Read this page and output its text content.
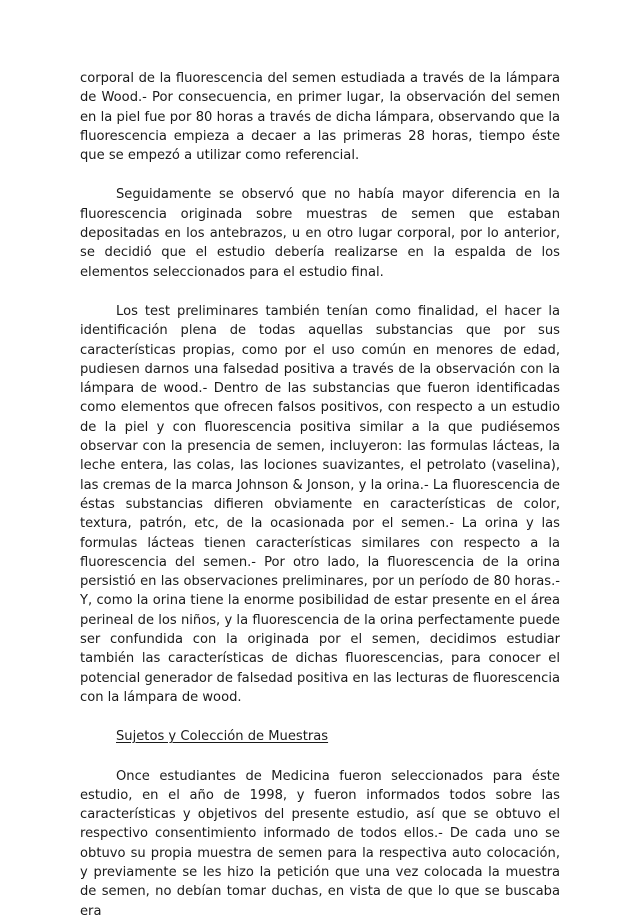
corporal de la fluorescencia del semen estudiada a través de la lámpara de Wood.- Por consecuencia, en primer lugar, la observación del semen en la piel fue por 80 horas a través de dicha lámpara, observando que la fluorescencia empieza a decaer a las primeras 28 horas, tiempo éste que se empezó a utilizar como referencial.

Seguidamente se observó que no había mayor diferencia en la fluorescencia originada sobre muestras de semen que estaban depositadas en los antebrazos, u en otro lugar corporal, por lo anterior, se decidió que el estudio debería realizarse en la espalda de los elementos seleccionados para el estudio final.

Los test preliminares también tenían como finalidad, el hacer la identificación plena de todas aquellas substancias que por sus características propias, como por el uso común en menores de edad, pudiesen darnos una falsedad positiva a través de la observación con la lámpara de wood.- Dentro de las substancias que fueron identificadas como elementos que ofrecen falsos positivos, con respecto a un estudio de la piel y con fluorescencia positiva similar a la que pudiésemos observar con la presencia de semen, incluyeron: las formulas lácteas, la leche entera, las colas, las lociones suavizantes, el petrolato (vaselina), las cremas de la marca Johnson & Jonson, y la orina.- La fluorescencia de éstas substancias difieren obviamente en características de color, textura, patrón, etc, de la ocasionada por el semen.- La orina y las formulas lácteas tienen características similares con respecto a la fluorescencia del semen.- Por otro lado, la fluorescencia de la orina persistió en las observaciones preliminares, por un período de 80 horas.- Y, como la orina tiene la enorme posibilidad de estar presente en el área perineal de los niños, y la fluorescencia de la orina perfectamente puede ser confundida con la originada por el semen, decidimos estudiar también las características de dichas fluorescencias, para conocer el potencial generador de falsedad positiva en las lecturas de fluorescencia con la lámpara de wood.

Sujetos y Colección de Muestras

Once estudiantes de Medicina fueron seleccionados para éste estudio, en el año de 1998, y fueron informados todos sobre las características y objetivos del presente estudio, así que se obtuvo el respectivo consentimiento informado de todos ellos.- De cada uno se obtuvo su propia muestra de semen para la respectiva auto colocación, y previamente se les hizo la petición que una vez colocada la muestra de semen, no debían tomar duchas, en vista de que lo que se buscaba era
